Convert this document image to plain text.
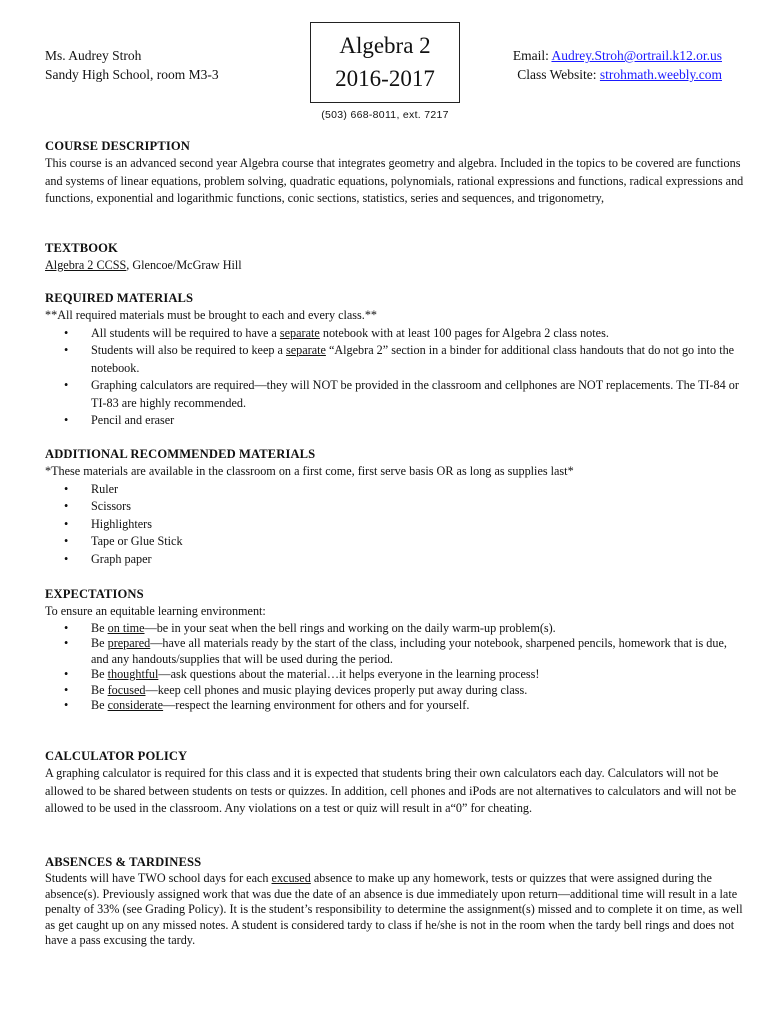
Ms. Audrey Stroh
Sandy High School, room M3-3
Algebra 2
2016-2017
(503) 668-8011, ext. 7217
Email: Audrey.Stroh@ortrail.k12.or.us
Class Website: strohmath.weebly.com
COURSE DESCRIPTION

This course is an advanced second year Algebra course that integrates geometry and algebra. Included in the topics to be covered are functions and systems of linear equations, problem solving, quadratic equations, polynomials, rational expressions and functions, radical expressions and functions, exponential and logarithmic functions, conic sections, statistics, series and sequences, and trigonometry,

TEXTBOOK

Algebra 2 CCSS, Glencoe/McGraw Hill

REQUIRED MATERIALS

**All required materials must be brought to each and every class.**

• All students will be required to have a separate notebook with at least 100 pages for Algebra 2 class notes.
• Students will also be required to keep a separate “Algebra 2” section in a binder for additional class handouts that do not go into the notebook.
• Graphing calculators are required—they will NOT be provided in the classroom and cellphones are NOT replacements. The TI-84 or TI-83 are highly recommended.
• Pencil and eraser
ADDITIONAL RECOMMENDED MATERIALS

*These materials are available in the classroom on a first come, first serve basis OR as long as supplies last*

• Ruler
• Scissors
• Highlighters
• Tape or Glue Stick
• Graph paper
EXPECTATIONS

To ensure an equitable learning environment:

• Be on time—be in your seat when the bell rings and working on the daily warm-up problem(s).
• Be prepared—have all materials ready by the start of the class, including your notebook, sharpened pencils, homework that is due, and any handouts/supplies that will be used during the period.
• Be thoughtful—ask questions about the material…it helps everyone in the learning process!
• Be focused—keep cell phones and music playing devices properly put away during class.
• Be considerate—respect the learning environment for others and for yourself.
CALCULATOR POLICY

A graphing calculator is required for this class and it is expected that students bring their own calculators each day. Calculators will not be allowed to be shared between students on tests or quizzes. In addition, cell phones and iPods are not alternatives to calculators and will not be allowed to be used in the classroom. Any violations on a test or quiz will result in a“0” for cheating.

ABSENCES & TARDINESS

Students will have TWO school days for each excused absence to make up any homework, tests or quizzes that were assigned during the absence(s). Previously assigned work that was due the date of an absence is due immediately upon return—additional time will result in a late penalty of 33% (see Grading Policy). It is the student’s responsibility to determine the assignment(s) missed and to complete it on time, as well as get caught up on any missed notes. A student is considered tardy to class if he/she is not in the room when the tardy bell rings and does not have a pass excusing the tardy.
